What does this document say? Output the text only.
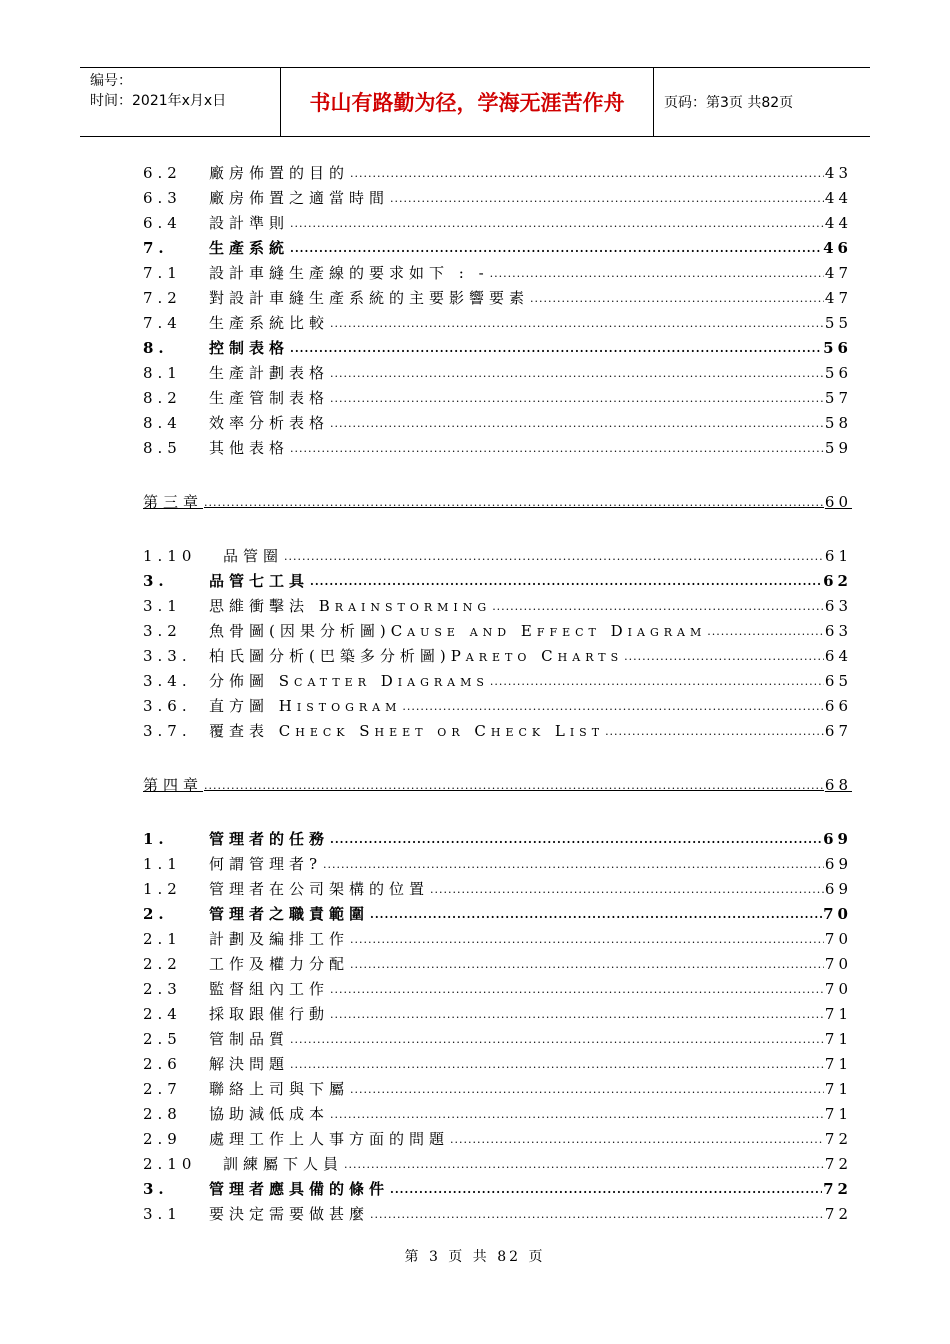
编号：
时间：2021年x月x日	书山有路勤为径，学海无涯苦作舟	页码：第3页 共82页
6.2	廠房佈置的目的 .....	43
6.3	廠房佈置之適當時間 .....	44
6.4	設計準則 .....	44
7.	生產系統 .....	46
7.1	設計車縫生產線的要求如下 : - .....	47
7.2	對設計車縫生產系統的主要影響要素 .....	47
7.4	生產系統比較 .....	55
8.	控制表格 .....	56
8.1	生產計劃表格 .....	56
8.2	生產管制表格 .....	57
8.4	效率分析表格 .....	58
8.5	其他表格 .....	59
第三章 .....	60
1.10	品管圈 .....	61
3.	品管七工具 .....	62
3.1	思維衝擊法 Brainstorming .....	63
3.2	魚骨圖(因果分析圖)Cause and Effect Diagram .....	63
3.3.	柏氏圖分析(巴築多分析圖)Pareto Charts .....	64
3.4.	分佈圖 Scatter Diagrams .....	65
3.6.	直方圖 Histogram .....	66
3.7.	覆查表 Check Sheet or Check List .....	67
第四章 .....	68
1.	管理者的任務 .....	69
1.1	何謂管理者? .....	69
1.2	管理者在公司架構的位置 .....	69
2.	管理者之職責範圍 .....	70
2.1	計劃及編排工作 .....	70
2.2	工作及權力分配 .....	70
2.3	監督組內工作 .....	70
2.4	採取跟催行動 .....	71
2.5	管制品質 .....	71
2.6	解決問題 .....	71
2.7	聯絡上司與下屬 .....	71
2.8	協助減低成本 .....	71
2.9	處理工作上人事方面的問題 .....	72
2.10	訓練屬下人員 .....	72
3.	管理者應具備的條件 .....	72
3.1	要決定需要做甚麼 .....	72
第 3 页 共 82 页
